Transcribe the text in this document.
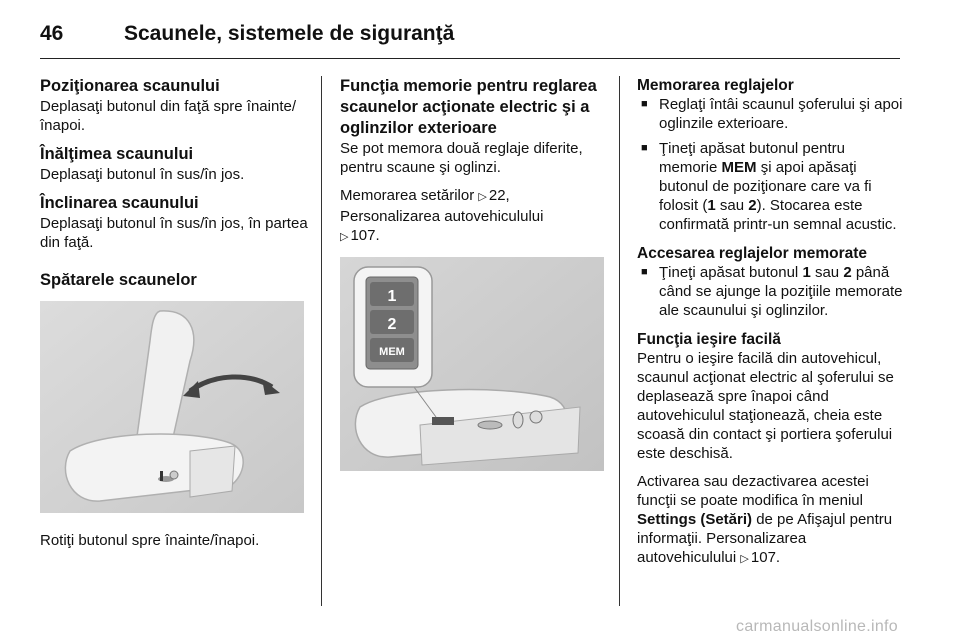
46	Scaunele, sistemele de siguranţă
Poziţionarea scaunului

Deplasaţi butonul din faţă spre înainte/înapoi.

Înălţimea scaunului

Deplasaţi butonul în sus/în jos.

Înclinarea scaunului

Deplasaţi butonul în sus/în jos, în partea din faţă.

Spătarele scaunelor

Rotiţi butonul spre înainte/înapoi.

Funcţia memorie pentru reglarea scaunelor acţionate electric şi a oglinzilor exterioare

Se pot memora două reglaje diferite, pentru scaune şi oglinzi.

Memorarea setărilor ▷ 22,
Personalizarea autovehiculului
▷ 107.

1
2
MEM
Memorarea reglajelor
■ Reglaţi întâi scaunul şoferului şi apoi oglinzile exterioare.
■ Ţineţi apăsat butonul pentru memorie MEM şi apoi apăsaţi butonul de poziţionare care va fi folosit (1 sau 2). Stocarea este confirmată printr-un semnal acustic.
Accesarea reglajelor memorate
■ Ţineţi apăsat butonul 1 sau 2 până când se ajunge la poziţiile memorate ale scaunului şi oglinzilor.
Funcţia ieşire facilă

Pentru o ieşire facilă din autovehicul, scaunul acţionat electric al şoferului se deplasează spre înapoi când autovehiculul staţionează, cheia este scoasă din contact şi portiera şoferului este deschisă.

Activarea sau dezactivarea acestei funcţii se poate modifica în meniul Settings (Setări) de pe Afişajul pentru informaţii. Personalizarea autovehiculului ▷ 107.

carmanualsonline.info
